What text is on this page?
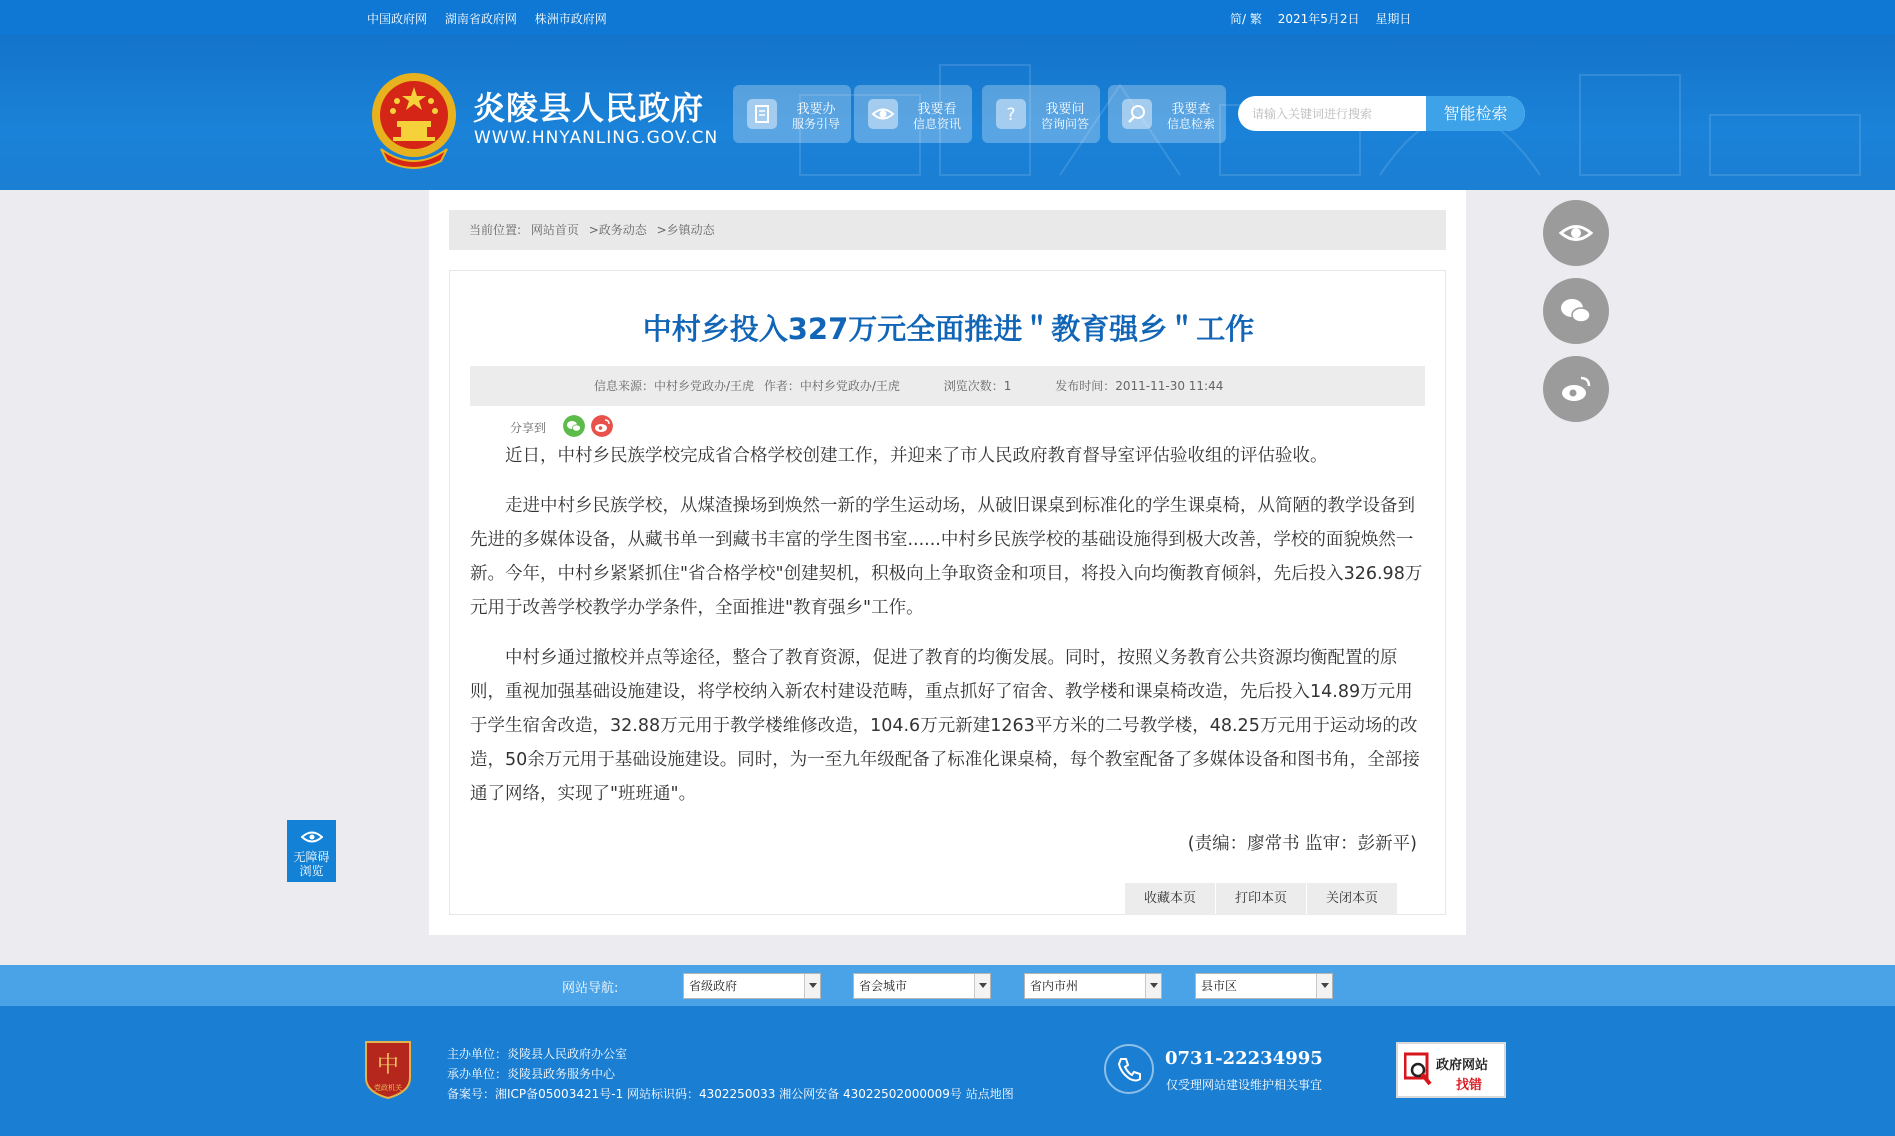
中国政府网 湖南省政府网 株洲市政府网	简/ 繁 2021年5月2日 星期日
炎陵县人民政府
WWW.HNYANLING.GOV.CN
我要办
服务引导
我要看
信息资讯	?	我要问
咨询问答
我要查
信息检索
请输入关键词进行搜索
智能检索
当前位置: 网站首页 >政务动态 >乡镇动态
中村乡投入327万元全面推进＂教育强乡＂工作
信息来源：中村乡党政办/王虎 作者：中村乡党政办/王虎	浏览次数：1	发布时间：2011-11-30 11:44
分享到

近日，中村乡民族学校完成省合格学校创建工作，并迎来了市人民政府教育督导室评估验收组的评估验收。

走进中村乡民族学校，从煤渣操场到焕然一新的学生运动场，从破旧课桌到标准化的学生课桌椅，从简陋的教学设备到先进的多媒体设备，从藏书单一到藏书丰富的学生图书室......中村乡民族学校的基础设施得到极大改善，学校的面貌焕然一新。今年，中村乡紧紧抓住"省合格学校"创建契机，积极向上争取资金和项目，将投入向均衡教育倾斜，先后投入326.98万元用于改善学校教学办学条件，全面推进"教育强乡"工作。

中村乡通过撤校并点等途径，整合了教育资源，促进了教育的均衡发展。同时，按照义务教育公共资源均衡配置的原则，重视加强基础设施建设，将学校纳入新农村建设范畴，重点抓好了宿舍、教学楼和课桌椅改造，先后投入14.89万元用于学生宿舍改造，32.88万元用于教学楼维修改造，104.6万元新建1263平方米的二号教学楼，48.25万元用于运动场的改造，50余万元用于基础设施建设。同时，为一至九年级配备了标准化课桌椅，每个教室配备了多媒体设备和图书角，全部接通了网络，实现了"班班通"。

(责编：廖常书 监审：彭新平)

收藏本页	打印本页	关闭本页
无障碍
浏览
网站导航:	省级政府	省会城市	省内市州	县市区
中
党政机关
主办单位：炎陵县人民政府办公室
承办单位：炎陵县政务服务中心
备案号：湘ICP备05003421号-1 网站标识码：4302250033 湘公网安备 43022502000009号 站点地图
0731-22234995
仅受理网站建设维护相关事宜
政府网站
找错
